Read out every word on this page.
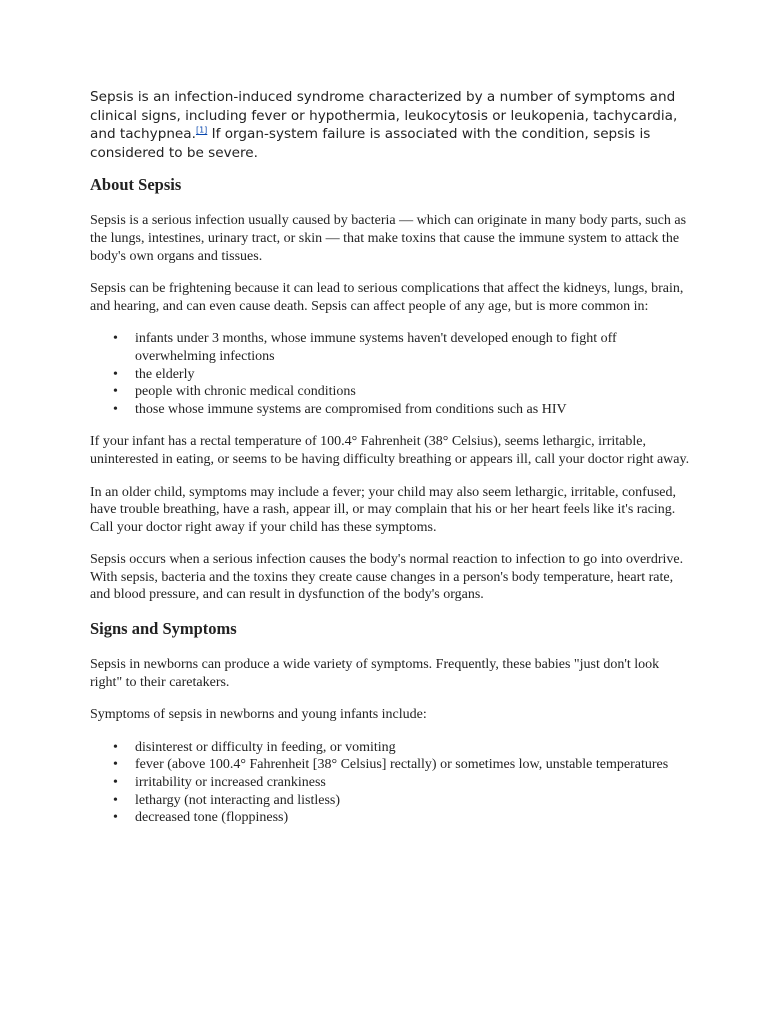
Sepsis is an infection-induced syndrome characterized by a number of symptoms and clinical signs, including fever or hypothermia, leukocytosis or leukopenia, tachycardia, and tachypnea.[1] If organ-system failure is associated with the condition, sepsis is considered to be severe.

About Sepsis

Sepsis is a serious infection usually caused by bacteria — which can originate in many body parts, such as the lungs, intestines, urinary tract, or skin — that make toxins that cause the immune system to attack the body's own organs and tissues.

Sepsis can be frightening because it can lead to serious complications that affect the kidneys, lungs, brain, and hearing, and can even cause death. Sepsis can affect people of any age, but is more common in:

• infants under 3 months, whose immune systems haven't developed enough to fight off overwhelming infections
• the elderly
• people with chronic medical conditions
• those whose immune systems are compromised from conditions such as HIV

If your infant has a rectal temperature of 100.4° Fahrenheit (38° Celsius), seems lethargic, irritable, uninterested in eating, or seems to be having difficulty breathing or appears ill, call your doctor right away.

In an older child, symptoms may include a fever; your child may also seem lethargic, irritable, confused, have trouble breathing, have a rash, appear ill, or may complain that his or her heart feels like it's racing. Call your doctor right away if your child has these symptoms.

Sepsis occurs when a serious infection causes the body's normal reaction to infection to go into overdrive. With sepsis, bacteria and the toxins they create cause changes in a person's body temperature, heart rate, and blood pressure, and can result in dysfunction of the body's organs.

Signs and Symptoms

Sepsis in newborns can produce a wide variety of symptoms. Frequently, these babies "just don't look right" to their caretakers.

Symptoms of sepsis in newborns and young infants include:

• disinterest or difficulty in feeding, or vomiting
• fever (above 100.4° Fahrenheit [38° Celsius] rectally) or sometimes low, unstable temperatures
• irritability or increased crankiness
• lethargy (not interacting and listless)
• decreased tone (floppiness)
